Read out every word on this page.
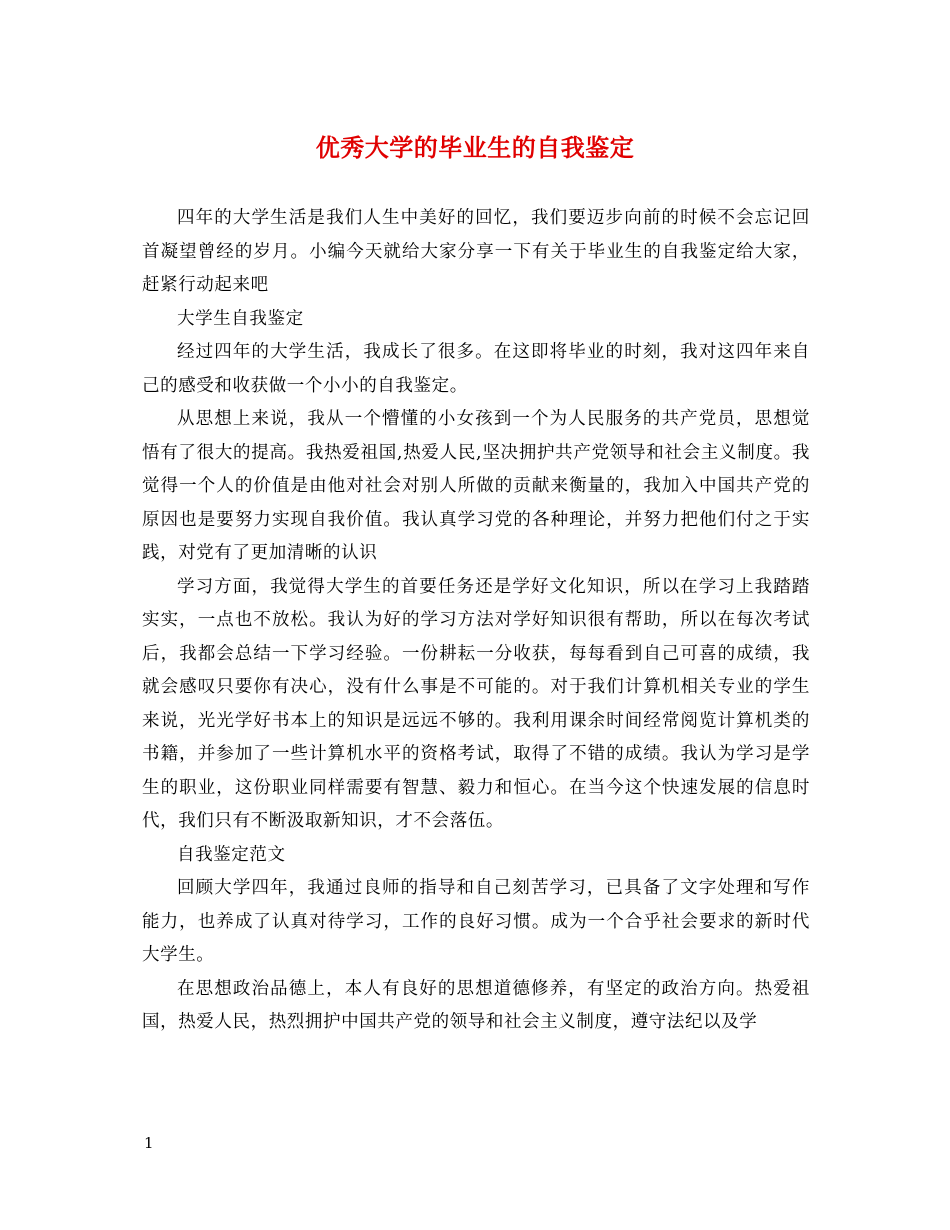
优秀大学的毕业生的自我鉴定

四年的大学生活是我们人生中美好的回忆，我们要迈步向前的时候不会忘记回首凝望曾经的岁月。小编今天就给大家分享一下有关于毕业生的自我鉴定给大家，赶紧行动起来吧

大学生自我鉴定

经过四年的大学生活，我成长了很多。在这即将毕业的时刻，我对这四年来自己的感受和收获做一个小小的自我鉴定。

从思想上来说，我从一个懵懂的小女孩到一个为人民服务的共产党员，思想觉悟有了很大的提高。我热爱祖国,热爱人民,坚决拥护共产党领导和社会主义制度。我觉得一个人的价值是由他对社会对别人所做的贡献来衡量的，我加入中国共产党的原因也是要努力实现自我价值。我认真学习党的各种理论，并努力把他们付之于实践，对党有了更加清晰的认识

学习方面，我觉得大学生的首要任务还是学好文化知识，所以在学习上我踏踏实实，一点也不放松。我认为好的学习方法对学好知识很有帮助，所以在每次考试后，我都会总结一下学习经验。一份耕耘一分收获，每每看到自己可喜的成绩，我就会感叹只要你有决心，没有什么事是不可能的。对于我们计算机相关专业的学生来说，光光学好书本上的知识是远远不够的。我利用课余时间经常阅览计算机类的书籍，并参加了一些计算机水平的资格考试，取得了不错的成绩。我认为学习是学生的职业，这份职业同样需要有智慧、毅力和恒心。在当今这个快速发展的信息时代，我们只有不断汲取新知识，才不会落伍。

自我鉴定范文

回顾大学四年，我通过良师的指导和自己刻苦学习，已具备了文字处理和写作能力，也养成了认真对待学习，工作的良好习惯。成为一个合乎社会要求的新时代大学生。

在思想政治品德上，本人有良好的思想道德修养，有坚定的政治方向。热爱祖国，热爱人民，热烈拥护中国共产党的领导和社会主义制度，遵守法纪以及学

1
